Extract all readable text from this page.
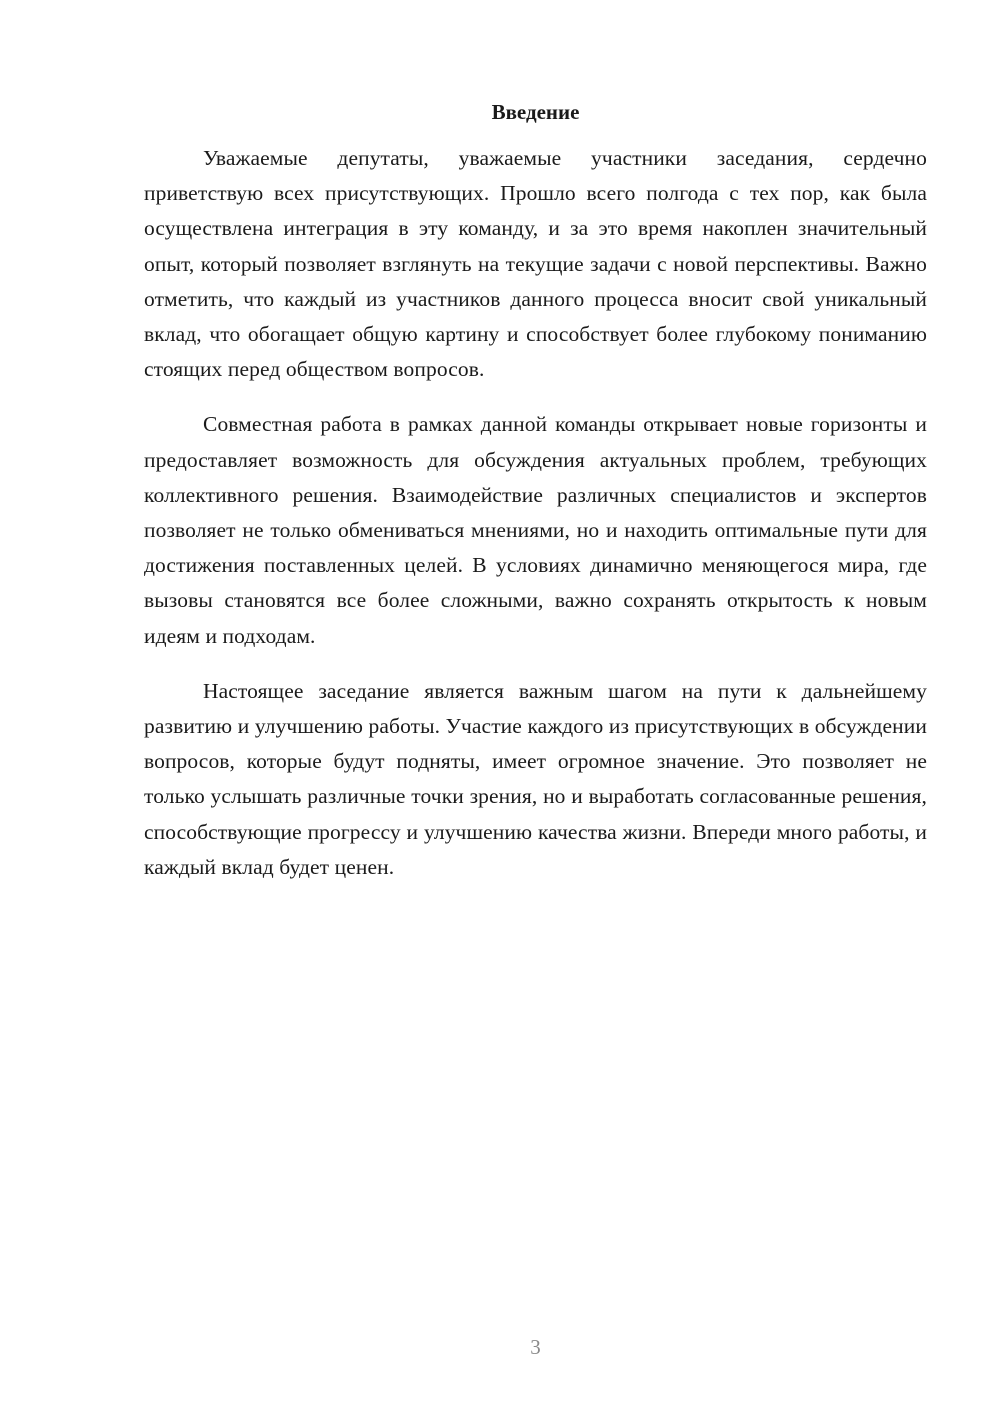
Введение

Уважаемые депутаты, уважаемые участники заседания, сердечно приветствую всех присутствующих. Прошло всего полгода с тех пор, как была осуществлена интеграция в эту команду, и за это время накоплен значительный опыт, который позволяет взглянуть на текущие задачи с новой перспективы. Важно отметить, что каждый из участников данного процесса вносит свой уникальный вклад, что обогащает общую картину и способствует более глубокому пониманию стоящих перед обществом вопросов.

Совместная работа в рамках данной команды открывает новые горизонты и предоставляет возможность для обсуждения актуальных проблем, требующих коллективного решения. Взаимодействие различных специалистов и экспертов позволяет не только обмениваться мнениями, но и находить оптимальные пути для достижения поставленных целей. В условиях динамично меняющегося мира, где вызовы становятся все более сложными, важно сохранять открытость к новым идеям и подходам.

Настоящее заседание является важным шагом на пути к дальнейшему развитию и улучшению работы. Участие каждого из присутствующих в обсуждении вопросов, которые будут подняты, имеет огромное значение. Это позволяет не только услышать различные точки зрения, но и выработать согласованные решения, способствующие прогрессу и улучшению качества жизни. Впереди много работы, и каждый вклад будет ценен.

3
